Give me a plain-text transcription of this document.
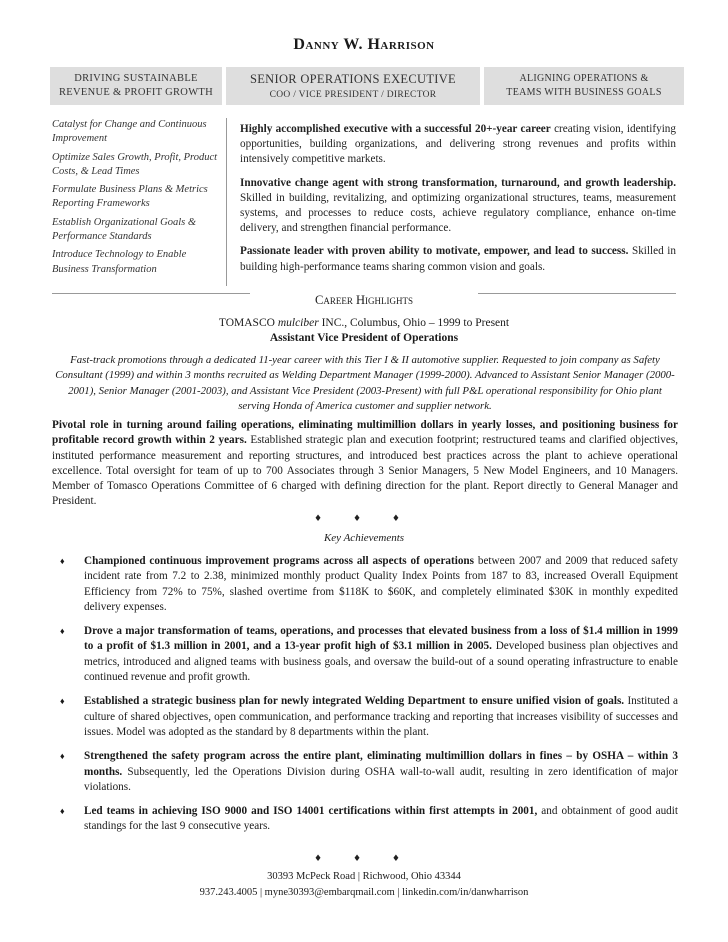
Danny W. Harrison
DRIVING SUSTAINABLE
REVENUE & PROFIT GROWTH
SENIOR OPERATIONS EXECUTIVE
COO / VICE PRESIDENT / DIRECTOR
ALIGNING OPERATIONS &
TEAMS WITH BUSINESS GOALS
Catalyst for Change and Continuous Improvement
Optimize Sales Growth, Profit, Product Costs, & Lead Times
Formulate Business Plans & Metrics Reporting Frameworks
Establish Organizational Goals & Performance Standards
Introduce Technology to Enable Business Transformation

Highly accomplished executive with a successful 20+-year career creating vision, identifying opportunities, building organizations, and delivering strong revenues and profits within intensively competitive markets.

Innovative change agent with strong transformation, turnaround, and growth leadership. Skilled in building, revitalizing, and optimizing organizational structures, teams, measurement systems, and processes to reduce costs, achieve regulatory compliance, enhance on-time delivery, and strengthen financial performance.

Passionate leader with proven ability to motivate, empower, and lead to success. Skilled in building high-performance teams sharing common vision and goals.

Career Highlights
TOMASCO mulciber INC., Columbus, Ohio – 1999 to Present
Assistant Vice President of Operations
Fast-track promotions through a dedicated 11-year career with this Tier I & II automotive supplier. Requested to join company as Safety Consultant (1999) and within 3 months recruited as Welding Department Manager (1999-2000). Advanced to Assistant Senior Manager (2000-2001), Senior Manager (2001-2003), and Assistant Vice President (2003-Present) with full P&L operational responsibility for Ohio plant serving Honda of America customer and supplier network.
Pivotal role in turning around failing operations, eliminating multimillion dollars in yearly losses, and positioning business for profitable record growth within 2 years. Established strategic plan and execution footprint; restructured teams and clarified objectives, instituted performance measurement and reporting structures, and introduced best practices across the plant to achieve operational excellence. Total oversight for team of up to 700 Associates through 3 Senior Managers, 5 New Model Engineers, and 10 Managers. Member of Tomasco Operations Committee of 6 charged with defining direction for the plant. Report directly to General Manager and President.
♦ ♦ ♦
Key Achievements
♦ Championed continuous improvement programs across all aspects of operations between 2007 and 2009 that reduced safety incident rate from 7.2 to 2.38, minimized monthly product Quality Index Points from 187 to 83, increased Overall Equipment Efficiency from 72% to 75%, slashed overtime from $118K to $60K, and completely eliminated $30K in monthly expedited delivery expenses.
♦ Drove a major transformation of teams, operations, and processes that elevated business from a loss of $1.4 million in 1999 to a profit of $1.3 million in 2001, and a 13-year profit high of $3.1 million in 2005. Developed business plan objectives and metrics, introduced and aligned teams with business goals, and oversaw the build-out of a sound operating infrastructure to enable continued revenue and profit growth.
♦ Established a strategic business plan for newly integrated Welding Department to ensure unified vision of goals. Instituted a culture of shared objectives, open communication, and performance tracking and reporting that increases visibility of successes and issues. Model was adopted as the standard by 8 departments within the plant.
♦ Strengthened the safety program across the entire plant, eliminating multimillion dollars in fines – by OSHA – within 3 months. Subsequently, led the Operations Division during OSHA wall-to-wall audit, resulting in zero identification of major violations.
♦ Led teams in achieving ISO 9000 and ISO 14001 certifications within first attempts in 2001, and obtainment of good audit standings for the last 9 consecutive years.
♦ ♦ ♦
30393 McPeck Road | Richwood, Ohio 43344
937.243.4005 | myne30393@embarqmail.com | linkedin.com/in/danwharrison
